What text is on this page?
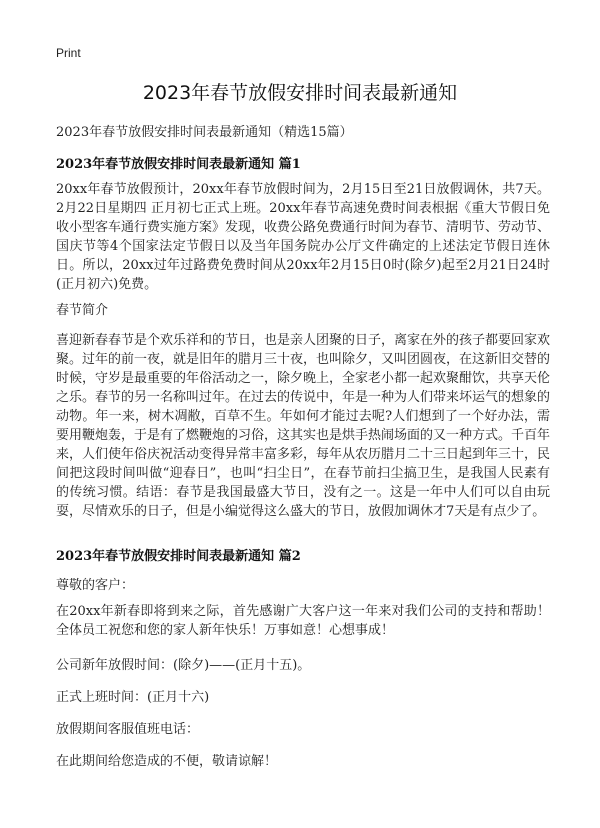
Print
2023年春节放假安排时间表最新通知
2023年春节放假安排时间表最新通知（精选15篇）
2023年春节放假安排时间表最新通知 篇1

20xx年春节放假预计，20xx年春节放假时间为，2月15日至21日放假调休，共7天。2月22日星期四 正月初七正式上班。20xx年春节高速免费时间表根据《重大节假日免收小型客车通行费实施方案》发现，收费公路免费通行时间为春节、清明节、劳动节、国庆节等4个国家法定节假日以及当年国务院办公厅文件确定的上述法定节假日连休日。所以，20xx过年过路费免费时间从20xx年2月15日0时(除夕)起至2月21日24时(正月初六)免费。

春节简介

喜迎新春春节是个欢乐祥和的节日，也是亲人团聚的日子，离家在外的孩子都要回家欢聚。过年的前一夜，就是旧年的腊月三十夜，也叫除夕，又叫团圆夜，在这新旧交替的时候，守岁是最重要的年俗活动之一，除夕晚上，全家老小都一起欢聚酣饮，共享天伦之乐。春节的另一名称叫过年。在过去的传说中，年是一种为人们带来坏运气的想象的动物。年一来，树木凋敝，百草不生。年如何才能过去呢?人们想到了一个好办法，需要用鞭炮轰，于是有了燃鞭炮的习俗，这其实也是烘手热闹场面的又一种方式。千百年来，人们使年俗庆祝活动变得异常丰富多彩，每年从农历腊月二十三日起到年三十，民间把这段时间叫做“迎春日”，也叫“扫尘日”，在春节前扫尘搞卫生，是我国人民素有的传统习惯。结语：春节是我国最盛大节日，没有之一。这是一年中人们可以自由玩耍，尽情欢乐的日子，但是小编觉得这么盛大的节日，放假加调休才7天是有点少了。

2023年春节放假安排时间表最新通知 篇2
尊敬的客户：

在20xx年新春即将到来之际，首先感谢广大客户这一年来对我们公司的支持和帮助！全体员工祝您和您的家人新年快乐！万事如意！心想事成！

公司新年放假时间：(除夕)——(正月十五)。
正式上班时间：(正月十六)
放假期间客服值班电话：
在此期间给您造成的不便，敬请谅解！
